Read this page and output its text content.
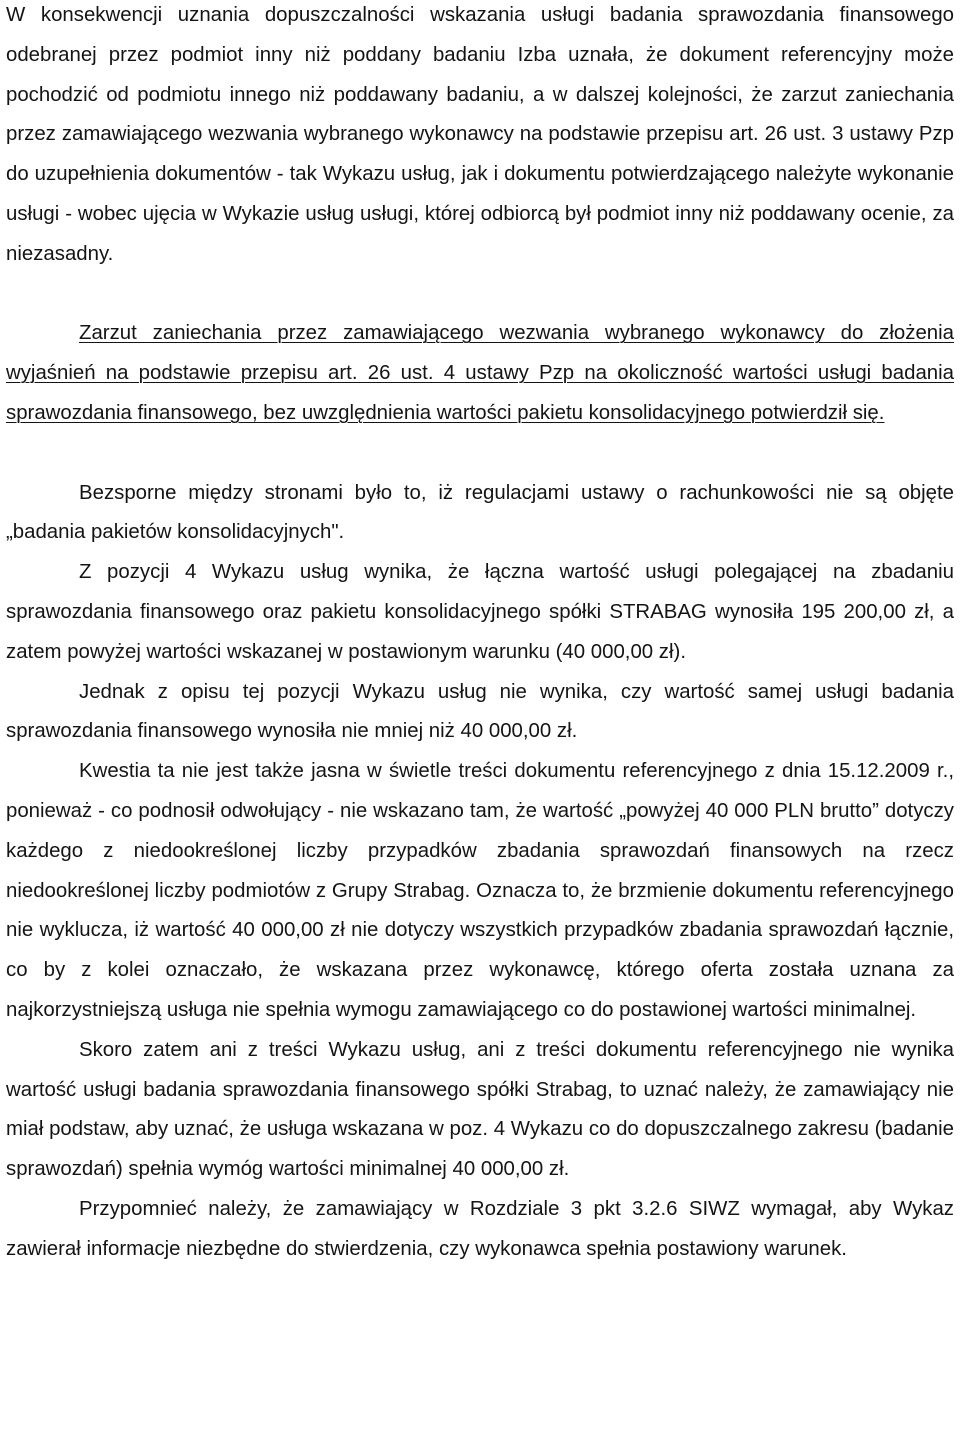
W konsekwencji uznania dopuszczalności wskazania usługi badania sprawozdania finansowego odebranej przez podmiot inny niż poddany badaniu Izba uznała, że dokument referencyjny może pochodzić od podmiotu innego niż poddawany badaniu, a w dalszej kolejności, że zarzut zaniechania przez zamawiającego wezwania wybranego wykonawcy na podstawie przepisu art. 26 ust. 3 ustawy Pzp do uzupełnienia dokumentów - tak Wykazu usług, jak i dokumentu potwierdzającego należyte wykonanie usługi - wobec ujęcia w Wykazie usług usługi, której odbiorcą był podmiot inny niż poddawany ocenie, za niezasadny.

Zarzut zaniechania przez zamawiającego wezwania wybranego wykonawcy do złożenia wyjaśnień na podstawie przepisu art. 26 ust. 4 ustawy Pzp na okoliczność wartości usługi badania sprawozdania finansowego, bez uwzględnienia wartości pakietu konsolidacyjnego potwierdził się.

Bezsporne między stronami było to, iż regulacjami ustawy o rachunkowości nie są objęte „badania pakietów konsolidacyjnych".

Z pozycji 4 Wykazu usług wynika, że łączna wartość usługi polegającej na zbadaniu sprawozdania finansowego oraz pakietu konsolidacyjnego spółki STRABAG wynosiła 195 200,00 zł, a zatem powyżej wartości wskazanej w postawionym warunku (40 000,00 zł).

Jednak z opisu tej pozycji Wykazu usług nie wynika, czy wartość samej usługi badania sprawozdania finansowego wynosiła nie mniej niż 40 000,00 zł.

Kwestia ta nie jest także jasna w świetle treści dokumentu referencyjnego z dnia 15.12.2009 r., ponieważ - co podnosił odwołujący - nie wskazano tam, że wartość „powyżej 40 000 PLN brutto” dotyczy każdego z niedookreślonej liczby przypadków zbadania sprawozdań finansowych na rzecz niedookreślonej liczby podmiotów z Grupy Strabag. Oznacza to, że brzmienie dokumentu referencyjnego nie wyklucza, iż wartość 40 000,00 zł nie dotyczy wszystkich przypadków zbadania sprawozdań łącznie, co by z kolei oznaczało, że wskazana przez wykonawcę, którego oferta została uznana za najkorzystniejszą usługa nie spełnia wymogu zamawiającego co do postawionej wartości minimalnej.

Skoro zatem ani z treści Wykazu usług, ani z treści dokumentu referencyjnego nie wynika wartość usługi badania sprawozdania finansowego spółki Strabag, to uznać należy, że zamawiający nie miał podstaw, aby uznać, że usługa wskazana w poz. 4 Wykazu co do dopuszczalnego zakresu (badanie sprawozdań) spełnia wymóg wartości minimalnej 40 000,00 zł.

Przypomnieć należy, że zamawiający w Rozdziale 3 pkt 3.2.6 SIWZ wymagał, aby Wykaz zawierał informacje niezbędne do stwierdzenia, czy wykonawca spełnia postawiony warunek.
